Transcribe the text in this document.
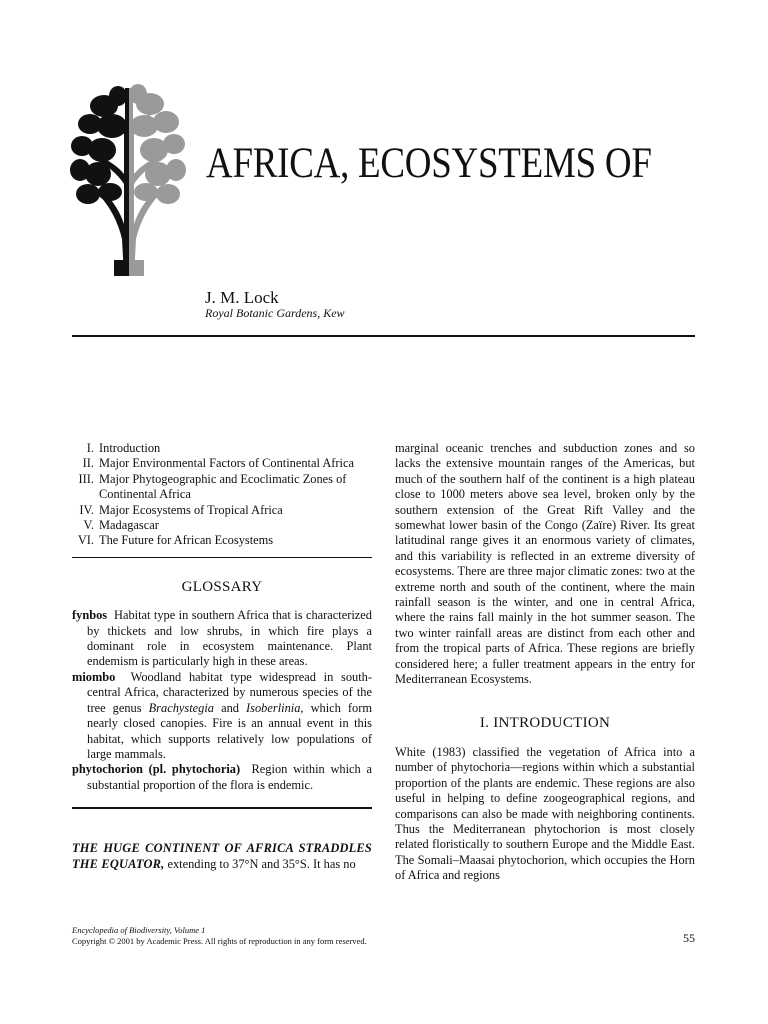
AFRICA, ECOSYSTEMS OF
J. M. Lock
Royal Botanic Gardens, Kew
I. Introduction
II. Major Environmental Factors of Continental Africa
III. Major Phytogeographic and Ecoclimatic Zones of Continental Africa
IV. Major Ecosystems of Tropical Africa
V. Madagascar
VI. The Future for African Ecosystems
GLOSSARY
fynbos Habitat type in southern Africa that is characterized by thickets and low shrubs, in which fire plays a dominant role in ecosystem maintenance. Plant endemism is particularly high in these areas.
miombo Woodland habitat type widespread in south-central Africa, characterized by numerous species of the tree genus Brachystegia and Isoberlinia, which form nearly closed canopies. Fire is an annual event in this habitat, which supports relatively low populations of large mammals.
phytochorion (pl. phytochoria) Region within which a substantial proportion of the flora is endemic.
THE HUGE CONTINENT OF AFRICA STRADDLES THE EQUATOR, extending to 37°N and 35°S. It has no

marginal oceanic trenches and subduction zones and so lacks the extensive mountain ranges of the Americas, but much of the southern half of the continent is a high plateau close to 1000 meters above sea level, broken only by the southern extension of the Great Rift Valley and the somewhat lower basin of the Congo (Zaïre) River. Its great latitudinal range gives it an enormous variety of climates, and this variability is reflected in an extreme diversity of ecosystems. There are three major climatic zones: two at the extreme north and south of the continent, where the main rainfall season is the winter, and one in central Africa, where the rains fall mainly in the hot summer season. The two winter rainfall areas are distinct from each other and from the tropical parts of Africa. These regions are briefly considered here; a fuller treatment appears in the entry for Mediterranean Ecosystems.

I. INTRODUCTION

White (1983) classified the vegetation of Africa into a number of phytochoria—regions within which a substantial proportion of the plants are endemic. These regions are also useful in helping to define zoogeographical regions, and comparisons can also be made with neighboring continents. Thus the Mediterranean phytochorion is most closely related floristically to southern Europe and the Middle East. The Somali–Maasai phytochorion, which occupies the Horn of Africa and regions

Encyclopedia of Biodiversity, Volume 1
Copyright © 2001 by Academic Press. All rights of reproduction in any form reserved.	55
